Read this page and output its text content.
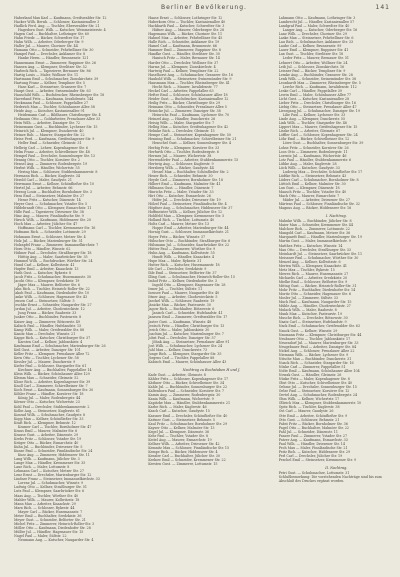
Berliner Bevölkerung.	141
Haberland Max Karl — Kaufmann, Greifswalder Str. 12
Hacker Wilh. Bernh. — Schlosser, Kastanienallee 3
Hadlich Ferd. Aug. — Tischler, Eberswalder Str. 21
Hagedorn Gust. Wilh. — Kutscher, Weinmeisterstr. 4
Hagen Carl — Buchhalter, Lothringer Str. 60
Hahn Friedr. — Bäcker, Schwedter Str. 17
Hahn Wilh. — Arbeiter, Oderberger Str. 9
Haller Jul. — Maurer, Choriner Str. 44
Hamann Otto — Schneider, Fehrbelliner Str. 30
Hampel Paul — Drechsler, Anklamer Str. 8
Hanke Herm. — Händler, Brunnenstr. 121
Hannemann Ernst — Zimmerer, Ruppiner Str. 26
Hansen Aug. — Klempner, Strelitzer Str. 52
Harbeck Rich. — Tapezierer, Bernauer Str. 86
Hartig Louis — Maler, Wolliner Str. 11
Hartmann Emil — Schuhmacher, Zionskirchstr. 39
Hartung Franz — Kellner, Templiner Str. 5
Hase Karl — Steinsetzer, Granseer Str. 7
Haupt Gust. — Arbeiter, Swinemünder Str. 63
Hauschild Wilh. — Buchdrucker, Rheinsberger Str. 18
Haverland Fritz — Kaufmann, Invalidenstr. 144
Heckmann Paul — Schlosser, Pappelallee 27
Hederich Max — Tischler, Schönhauser Allee 58
Heide Aug. — Kutscher, Kastanienallee 91
Heidemann Carl — Bildhauer, Christburger Str. 4
Heilmann Otto — Goldarbeiter, Prenzlauer Allee 33
Hein Wilh. — Arbeiter, Danziger Str. 72
Heinemann Gust. — Buchbinder, Lychener Str. 15
Heinrich Jul. — Klempner, Dunckerstr. 40
Heinze Rob. — Maurer, Stargarder Str. 22
Heise Ferd. — Kaufmann, Greifenhagener Str. 9
Heller Emil — Schneider, Gleimstr. 31
Hellwig Carl — Lehrer, Kopenhagener Str. 6
Helm Franz — Arbeiter, Schivelbeiner Str. 48
Hempel Paul — Drechsler, Sonnenburger Str. 13
Hennig Otto — Tischler, Korsörer Str. 2
Hensel Aug. — Zimmerer, Rodenbergstr. 19
Herbst Wilh. — Händler, Wichertstr. 55
Hering Max — Schlosser, Stubbenkammerstr. 8
Hermann Rich. — Bäcker, Kuglerstr. 34
Herold Carl — Maler, Gaudystr. 21
Herrmann Ernst — Kellner, Schönfließer Str. 10
Hertel Jul. — Arbeiter, Behmstr. 66
Herzog Louis — Buchhalter, Bornholmer Str. 3
Hess Emil — Steinsetzer, Malmöer Str. 27
Hesse Fritz — Kutscher, Dänenstr. 14
Heyer Gust. — Schuhmacher, Ystader Str. 5
Hildebrandt Otto — Klempner, Esmarchstr. 11
Hille Paul — Tapezierer, Driesener Str. 38
Hinz Aug. — Maurer, Finnländische Str. 9
Hirsch Wilh. — Kaufmann, Hiddenseer Str. 20
Hoch Max — Arbeiter, Jülicher Str. 47
Hoffmann Carl — Tischler, Kremmener Str. 16
Hofmann Rich. — Schneider, Lottumstr. 29
Hohmann Ernst — Schlosser, Metzer Str. 4
Holz Jul. — Bäcker, Marienburger Str. 51
Holzapfel Franz — Zimmerer, Immanuelkirchstr. 7
Horn Otto — Händler, Winsstr. 62
Hübner Paul — Drechsler, Straßburger Str. 18
Hüttig Aug. — Maler, Saarbrücker Str. 35
Hummel Wilh. — Buchdrucker, Wörther Str. 24
Hund Carl — Kellner, Kollwitzstr. 41
Hupfer Emil — Arbeiter, Knaackstr. 13
Huth Gust. — Kutscher, Rykestr. 8
Jacob Fritz — Schuhmacher, Husemannstr. 30
Jacobi Otto — Klempner, Sredzkistr. 19
Jäger Max — Maurer, Belforter Str. 6
Jahn Rich. — Tischler, Heinrich-Roller-Str. 22
Jakob Paul — Kaufmann, Diedenhofer Str. 10
Janke Wilh. — Schlosser, Hagenauer Str. 43
Jensen Carl — Steinsetzer, Sültstr. 5
Jeschke Ernst — Schneider, Naugarder Str. 27
Jordan Jul. — Arbeiter, Chodowieckistr. 12
Jung Franz — Bäcker, Raabestr. 33
Junker Otto — Buchbinder, Pasteurstr. 8
Kaiser Aug. — Zimmerer, Bötzowstr. 49
Kalisch Paul — Händler, Hufelandstr. 15
Kamp Wilh. — Maler, Greifswalder Str. 88
Kanitz Max — Drechsler, Winsstr. 21
Kappe Rich. — Kutscher, Christburger Str. 37
Karsten Carl — Kellner, Jablonskistr. 4
Kaufmann Emil — Schuhmacher, Marienburger Str. 26
Keil Gust. — Arbeiter, Danziger Str. 101
Keller Fritz — Klempner, Prenzlauer Allee 72
Kern Otto — Tischler, Lychener Str. 58
Kessler Jul. — Maurer, Dunckerstr. 9
Kiefer Paul — Schlosser, Stargarder Str. 61
Kirchner Aug. — Buchhalter, Pappelallee 14
Klein Wilh. — Bäcker, Schönhauser Allee 129
Klemm Max — Schneider, Gleimstr. 52
Klose Rich. — Arbeiter, Kopenhagener Str. 39
Knoll Carl — Zimmerer, Schivelbeiner Str. 7
Koch Ernst — Kaufmann, Sonnenburger Str. 30
Köhler Franz — Händler, Korsörer Str. 18
König Jul. — Maler, Rodenbergstr. 44
Körner Otto — Kutscher, Wichertstr. 23
Kohl Paul — Drechsler, Stubbenkammerstr. 2
Kolbe Aug. — Steinsetzer, Kuglerstr. 61
Konrad Wilh. — Schuhmacher, Gaudystr. 8
Kopp Max — Kellner, Schönfließer Str. 33
Kraft Rich. — Klempner, Behmstr. 12
Kramer Carl — Tischler, Bornholmer Str. 47
Kraus Emil — Maurer, Malmöer Str. 6
Krause Gust. — Arbeiter, Dänenstr. 29
Krebs Fritz — Schlosser, Ystader Str. 19
Krüger Otto — Bäcker, Esmarchstr. 40
Kuhn Jul. — Buchbinder, Driesener Str. 5
Kunze Paul — Schneider, Finnländische Str. 24
Kurz Aug. — Zimmerer, Hiddenseer Str. 11
Lang Wilh. — Kaufmann, Jülicher Str. 3
Lange Max — Händler, Kremmener Str. 35
Laue Rich. — Maler, Lottumstr. 8
Lehmann Carl — Kutscher, Metzer Str. 27
Lenz Ernst — Drechsler, Marienburger Str. 12
Lindner Franz — Steinsetzer, Immanuelkirchstr. 33
Lorenz Jul. — Schuhmacher, Winsstr. 9
Ludwig Otto — Kellner, Straßburger Str. 51
Lutz Paul — Klempner, Saarbrücker Str. 6
Maas Aug. — Tischler, Wörther Str. 40
Mahler Wilh. — Maurer, Kollwitzstr. 18
Mann Max — Arbeiter, Knaackstr. 29
Marx Rich. — Schlosser, Rykestr. 44
Mayer Carl — Bäcker, Husemannstr. 7
Meier Emil — Buchhalter, Sredzkistr. 36
Meyer Gust. — Schneider, Belforter Str. 21
Michel Fritz — Zimmerer, Heinrich-Roller-Str. 3
Möller Otto — Kaufmann, Diedenhofer Str. 28
Müller Jul. — Händler, Hagenauer Str. 15
Nagel Paul — Maler, Sültstr. 22
Neumann Aug. — Kutscher, Naugarder Str. 4
Haase Ernst — Schlosser, Lothringer Str. 12
Haberkorn Otto — Tischler, Kastanienallee 40
Hackbarth Paul — Kutscher, Schwedter Str. 3
Häfner Aug. — Maurer, Oderberger Str. 28
Hagemann Wilh. — Bäcker, Choriner Str. 11
Hahnel Max — Arbeiter, Fehrbelliner Str. 45
Halle Rich. — Schneider, Anklamer Str. 19
Hamel Carl — Kaufmann, Brunnenstr. 66
Hammer Emil — Zimmerer, Ruppiner Str. 8
Handke Gust. — Händler, Strelitzer Str. 30
Hanisch Fritz — Maler, Bernauer Str. 14
Harder Otto — Drechsler, Wolliner Str. 37
Harms Jul. — Klempner, Zionskirchstr. 4
Hartwig Paul — Kellner, Templiner Str. 22
Haselhorst Aug. — Schuhmacher, Granseer Str. 16
Haubold Wilh. — Steinsetzer, Swinemünder Str. 9
Hausmann Max — Tischler, Rheinsberger Str. 41
Hecht Rich. — Maurer, Invalidenstr. 77
Heckel Carl — Arbeiter, Pappelallee 63
Hefter Emil — Schlosser, Schönhauser Allee 18
Heider Gust. — Buchdrucker, Kastanienallee 12
Heilig Fritz — Bäcker, Christburger Str. 29
Heimann Otto — Schneider, Prenzlauer Allee 5
Heinicke Jul. — Zimmerer, Danziger Str. 38
Heinrichs Paul — Kaufmann, Lychener Str. 70
Heinzel Aug. — Händler, Dunckerstr. 26
Heisig Wilh. — Maler, Stargarder Str. 7
Helbig Max — Kutscher, Greifenhagener Str. 42
Helmke Rich. — Drechsler, Gleimstr. 15
Hempe Carl — Steinsetzer, Kopenhagener Str. 50
Henning Emil — Schuhmacher, Schivelbeiner Str. 21
Henschel Gust. — Kellner, Sonnenburger Str. 4
Herbig Fritz — Klempner, Korsörer Str. 33
Herfurth Otto — Tischler, Rodenbergstr. 6
Hermes Jul. — Maurer, Wichertstr. 38
Herrendörfer Paul — Arbeiter, Stubbenkammerstr. 15
Hertwig Aug. — Schlosser, Kuglerstr. 9
Herzberg Wilh. — Bäcker, Gaudystr. 44
Hessel Max — Buchhalter, Schönfließer Str. 2
Heuer Rich. — Schneider, Behmstr. 30
Heyde Carl — Zimmerer, Bornholmer Str. 18
Hilbert Emil — Kaufmann, Malmöer Str. 41
Hillmann Gust. — Händler, Dänenstr. 7
Hinrichs Fritz — Maler, Ystader Str. 33
Hirt Otto — Kutscher, Esmarchstr. 26
Höfer Jul. — Drechsler, Driesener Str. 19
Hölzel Paul — Steinsetzer, Finnländische Str. 4
Höpfner Aug. — Schuhmacher, Hiddenseer Str. 37
Hoffmeister Wilh. — Kellner, Jülicher Str. 12
Hohlfeld Max — Klempner, Kremmener Str. 5
Holland Rich. — Tischler, Lottumstr. 40
Holtz Carl — Maurer, Metzer Str. 13
Hoppe Emil — Arbeiter, Marienburger Str. 44
Hornig Gust. — Schlosser, Immanuelkirchstr. 21
Hoyer Fritz — Bäcker, Winsstr. 37
Hübscher Otto — Buchbinder, Straßburger Str. 6
Hülsmann Jul. — Schneider, Saarbrücker Str. 22
Hütter Paul — Zimmerer, Wörther Str. 9
Huhn Aug. — Kaufmann, Kollwitzstr. 55
Hundt Wilh. — Händler, Knaackstr. 4
Hupe Max — Maler, Rykestr. 31
Hutter Rich. — Kutscher, Husemannstr. 18
Ide Carl — Drechsler, Sredzkistr. 9
Ihle Emil — Steinsetzer, Belforter Str. 37
Illing Gust. — Schuhmacher, Heinrich-Roller-Str. 15
Imhof Fritz — Kellner, Diedenhofer Str. 3
Ingold Otto — Klempner, Hagenauer Str. 28
Irmer Jul. — Tischler, Sültstr. 11
Isensee Paul — Maurer, Naugarder Str. 40
Ittner Aug. — Arbeiter, Chodowieckistr. 5
Jaeckel Wilh. — Schlosser, Raabestr. 19
Jänicke Max — Bäcker, Pasteurstr. 30
Jagow Rich. — Buchhalter, Bötzowstr. 6
Janisch Carl — Schneider, Hufelandstr. 41
Janssen Emil — Zimmerer, Greifswalder Str. 17
Jaster Gust. — Kaufmann, Winsstr. 48
Jentsch Fritz — Händler, Christburger Str. 13
Jerich Otto — Maler, Jablonskistr. 30
Joachim Jul. — Kutscher, Marienburger Str. 7
Jobst Paul — Drechsler, Danziger Str. 57
Jöhnk Aug. — Steinsetzer, Prenzlauer Allee 91
Jost Wilh. — Schuhmacher, Lychener Str. 24
Juhl Max — Kellner, Dunckerstr. 73
Junge Rich. — Klempner, Stargarder Str. 35
Jürgens Carl — Tischler, Pappelallee 88
Kabisch Emil — Maurer, Schönhauser Allee 43
Nachtrag zu Buchstaben H und J.
Kade Gust. — Arbeiter, Gleimstr. 8
Kähler Fritz — Schlosser, Kopenhagener Str. 17
Käthner Otto — Bäcker, Schivelbeiner Str. 34
Kahle Jul. — Buchbinder, Sonnenburger Str. 22
Kaltenborn Paul — Schneider, Korsörer Str. 7
Kamin Aug. — Zimmerer, Rodenbergstr. 30
Kania Wilh. — Kaufmann, Wichertstr. 9
Kapitzke Max — Händler, Stubbenkammerstr. 21
Karbe Rich. — Maler, Kuglerstr. 46
Kasch Carl — Kutscher, Gaudystr. 15
Kassner Emil — Drechsler, Schönfließer Str. 40
Kattner Gust. — Steinsetzer, Behmstr. 5
Kaul Fritz — Schuhmacher, Bornholmer Str. 29
Kayser Otto — Kellner, Malmöer Str. 13
Kegel Jul. — Klempner, Dänenstr. 36
Kehr Paul — Tischler, Ystader Str. 8
Keitel Aug. — Maurer, Esmarchstr. 19
Kellner Wilh. — Arbeiter, Driesener Str. 42
Kemnitz Max — Schlosser, Finnländische Str. 15
Kempe Rich. — Bäcker, Hiddenseer Str. 4
Kenzler Carl — Buchhalter, Jülicher Str. 30
Kerkow Emil — Schneider, Kremmener Str. 22
Kersten Gust. — Zimmerer, Lottumstr. 15
Lahmann Otto — Kaufmann, Lothringer Str. 3
Lambrecht Jul. — Händler, Kastanienallee 57
Landgraf Paul — Maler, Schwedter Str. 40
Langer Aug. — Kutscher, Oderberger Str. 16
Lanz Wilh. — Drechsler, Choriner Str. 29
Laske Max — Steinsetzer, Fehrbelliner Str. 6
Lau Rich. — Schuhmacher, Anklamer Str. 33
Laube Carl — Kellner, Brunnenstr. 99
Lauer Emil — Klempner, Ruppiner Str. 41
Lax Gust. — Tischler, Strelitzer Str. 18
Leder Fritz — Maurer, Bernauer Str. 51
Lehnert Otto — Arbeiter, Wolliner Str. 24
Leib Jul. — Schlosser, Zionskirchstr. 16
Leisner Paul — Bäcker, Templiner Str. 9
Lemke Aug. — Buchbinder, Granseer Str. 28
Lenk Wilh. — Schneider, Swinemünder Str. 38
Leonhardt Max — Zimmerer, Rheinsberger Str. 5
Lerche Rich. — Kaufmann, Invalidenstr. 112
Leske Carl — Händler, Pappelallee 39
Lewin Emil — Maler, Schönhauser Allee 77
Licht Gust. — Kutscher, Kastanienallee 28
Lieber Fritz — Drechsler, Christburger Str. 16
Liebig Otto — Steinsetzer, Prenzlauer Allee 47
Liesegang Jul. — Schuhmacher, Danziger Str. 19
Lilie Paul — Kellner, Lychener Str. 33
Linde Aug. — Klempner, Dunckerstr. 55
Link Wilh. — Tischler, Stargarder Str. 48
Lippert Max — Maurer, Greifenhagener Str. 15
Lisske Rich. — Arbeiter, Gleimstr. 67
Löffler Carl — Schlosser, Kopenhagener Str. 24
Löhr Emil — Bäcker, Schivelbeiner Str. 12
Löwe Gust. — Buchhalter, Sonnenburger Str. 39
Lohse Fritz — Schneider, Korsörer Str. 26
Loos Otto — Zimmerer, Rodenbergstr. 11
Lorentz Jul. — Kaufmann, Wichertstr. 46
Lotz Paul — Händler, Stubbenkammerstr. 6
Lübke Aug. — Maler, Kuglerstr. 28
Lück Wilh. — Kutscher, Gaudystr. 33
Ludewig Max — Drechsler, Schönfließer Str. 17
Lüdtke Rich. — Steinsetzer, Behmstr. 43
Lüders Carl — Schuhmacher, Bornholmer Str. 8
Lüttich Emil — Kellner, Malmöer Str. 30
Lux Gust. — Klempner, Dänenstr. 18
Maasch Fritz — Tischler, Ystader Str. 40
Mach Otto — Maurer, Esmarchstr. 7
Mäder Jul. — Arbeiter, Driesener Str. 27
Märtens Paul — Schlosser, Finnländische Str. 32
Magnus Aug. — Bäcker, Hiddenseer Str. 16
I. Nachtrag.
Mahnke Wilh. — Buchbinder, Jülicher Str. 8
Maier Max — Schneider, Kremmener Str. 44
Malchow Rich. — Zimmerer, Lottumstr. 22
Mangold Carl — Kaufmann, Metzer Str. 36
Marquardt Emil — Händler, Marienburger Str. 19
Martin Gust. — Maler, Immanuelkirchstr. 9
Matthes Fritz — Kutscher, Winsstr. 14
Mau Otto — Drechsler, Straßburger Str. 33
Meinhardt Jul. — Steinsetzer, Saarbrücker Str. 11
Meissner Paul — Schuhmacher, Wörther Str. 30
Menzel Aug. — Kellner, Kollwitzstr. 6
Merten Wilh. — Klempner, Knaackstr. 41
Metz Max — Tischler, Rykestr. 15
Mewes Rich. — Maurer, Husemannstr. 27
Michaelis Carl — Arbeiter, Sredzkistr. 20
Mielke Emil — Schlosser, Belforter Str. 9
Mittag Gust. — Bäcker, Heinrich-Roller-Str. 31
Mohr Fritz — Buchhalter, Diedenhofer Str. 14
Moritz Otto — Schneider, Hagenauer Str. 6
Mosler Jul. — Zimmerer, Sültstr. 33
Much Paul — Kaufmann, Naugarder Str. 15
Mühle Aug. — Händler, Chodowieckistr. 27
Mulack Wilh. — Maler, Raabestr. 8
Munk Max — Kutscher, Pasteurstr. 19
Musche Rich. — Drechsler, Bötzowstr. 30
Naatz Carl — Steinsetzer, Hufelandstr. 9
Nack Emil — Schuhmacher, Greifswalder Str. 63
Nauck Gust. — Kellner, Winsstr. 29
Naumann Fritz — Klempner, Christburger Str. 44
Neubauer Otto — Tischler, Jablonskistr. 17
Neuendorf Jul. — Maurer, Marienburger Str. 33
Neugebauer Paul — Arbeiter, Danziger Str. 84
Nickel Aug. — Schlosser, Prenzlauer Allee 22
Niemann Wilh. — Bäcker, Lychener Str. 9
Nitsche Max — Buchbinder, Dunckerstr. 31
Noack Rich. — Schneider, Stargarder Str. 16
Nöske Carl — Zimmerer, Pappelallee 51
Nolte Emil — Kaufmann, Schönhauser Allee 104
Nowak Gust. — Händler, Gleimstr. 26
Nüske Fritz — Maler, Kopenhagener Str. 8
Obst Otto — Kutscher, Schivelbeiner Str. 40
Oehme Jul. — Drechsler, Sonnenburger Str. 15
Oelze Paul — Steinsetzer, Korsörer Str. 12
Oertel Aug. — Schuhmacher, Rodenbergstr. 24
Ohm Wilh. — Kellner, Wichertstr. 17
Olbrich Max — Klempner, Stubbenkammerstr. 10
Opitz Rich. — Tischler, Kuglerstr. 38
Ost Carl — Maurer, Gaudystr. 26
Otte Emil — Arbeiter, Schönfließer Str. 9
Otto Gust. — Schlosser, Behmstr. 21
Pabst Fritz — Bäcker, Bornholmer Str. 36
Pagel Otto — Buchhalter, Malmöer Str. 22
Pahl Jul. — Schneider, Dänenstr. 11
Panzer Paul — Zimmerer, Ystader Str. 27
Patzer Aug. — Kaufmann, Esmarchstr. 33
Paul Wilh. — Händler, Driesener Str. 14
Pech Max — Maler, Finnländische Str. 21
Peitz Rich. — Kutscher, Hiddenseer Str. 29
Perl Carl — Drechsler, Jülicher Str. 19
Peschel Emil — Steinsetzer, Kremmener Str. 9
II. Nachtrag.
Petri Gust. — Schuhmacher, Lottumstr. 31
Schlußbemerkung: Die vorstehenden Nachträge sind bis zum Abschluß des Druckes ergänzt worden.
